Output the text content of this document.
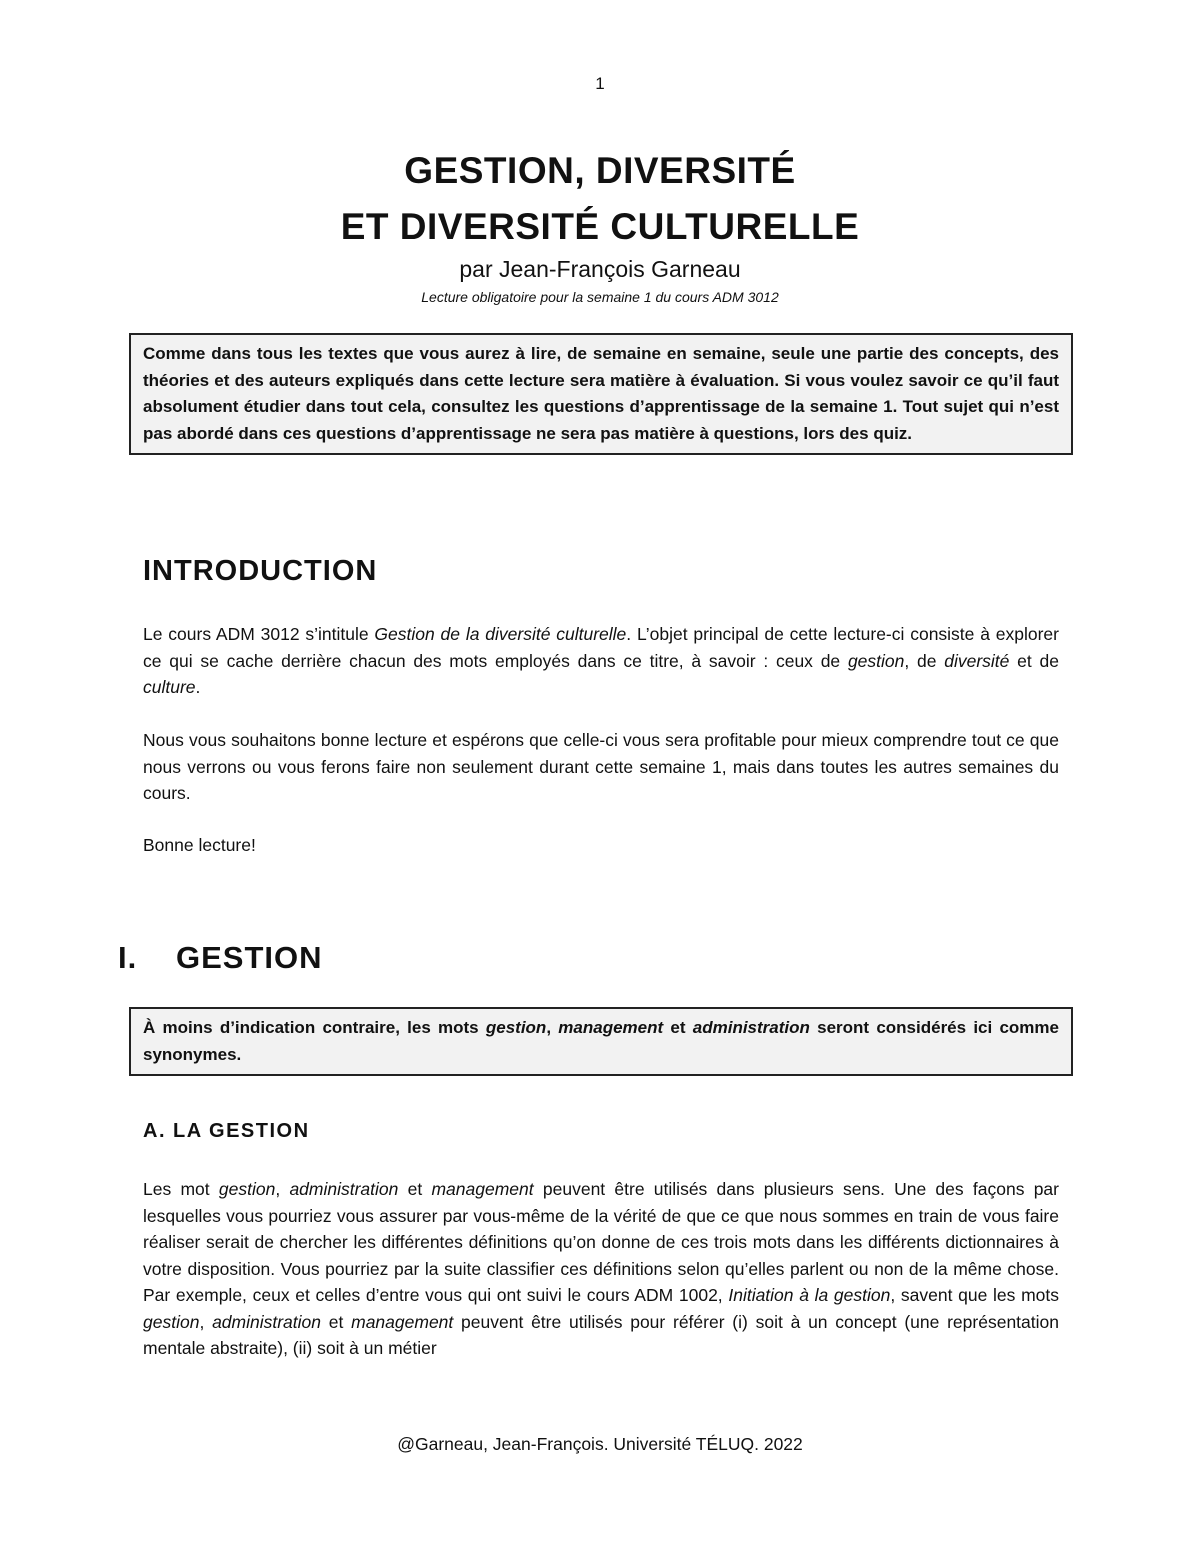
1
GESTION, DIVERSITÉ
ET DIVERSITÉ CULTURELLE
par Jean-François Garneau
Lecture obligatoire pour la semaine 1 du cours ADM 3012
Comme dans tous les textes que vous aurez à lire, de semaine en semaine, seule une partie des concepts, des théories et des auteurs expliqués dans cette lecture sera matière à évaluation. Si vous voulez savoir ce qu’il faut absolument étudier dans tout cela, consultez les questions d’apprentissage de la semaine 1. Tout sujet qui n’est pas abordé dans ces questions d’apprentissage ne sera pas matière à questions, lors des quiz.
INTRODUCTION
Le cours ADM 3012 s’intitule Gestion de la diversité culturelle. L’objet principal de cette lecture-ci consiste à explorer ce qui se cache derrière chacun des mots employés dans ce titre, à savoir : ceux de gestion, de diversité et de culture.
Nous vous souhaitons bonne lecture et espérons que celle-ci vous sera profitable pour mieux comprendre tout ce que nous verrons ou vous ferons faire non seulement durant cette semaine 1, mais dans toutes les autres semaines du cours.
Bonne lecture!
I. GESTION
À moins d’indication contraire, les mots gestion, management et administration seront considérés ici comme synonymes.
A. LA GESTION
Les mot gestion, administration et management peuvent être utilisés dans plusieurs sens. Une des façons par lesquelles vous pourriez vous assurer par vous-même de la vérité de que ce que nous sommes en train de vous faire réaliser serait de chercher les différentes définitions qu’on donne de ces trois mots dans les différents dictionnaires à votre disposition. Vous pourriez par la suite classifier ces définitions selon qu’elles parlent ou non de la même chose. Par exemple, ceux et celles d’entre vous qui ont suivi le cours ADM 1002, Initiation à la gestion, savent que les mots gestion, administration et management peuvent être utilisés pour référer (i) soit à un concept (une représentation mentale abstraite), (ii) soit à un métier
@Garneau, Jean-François. Université TÉLUQ. 2022
